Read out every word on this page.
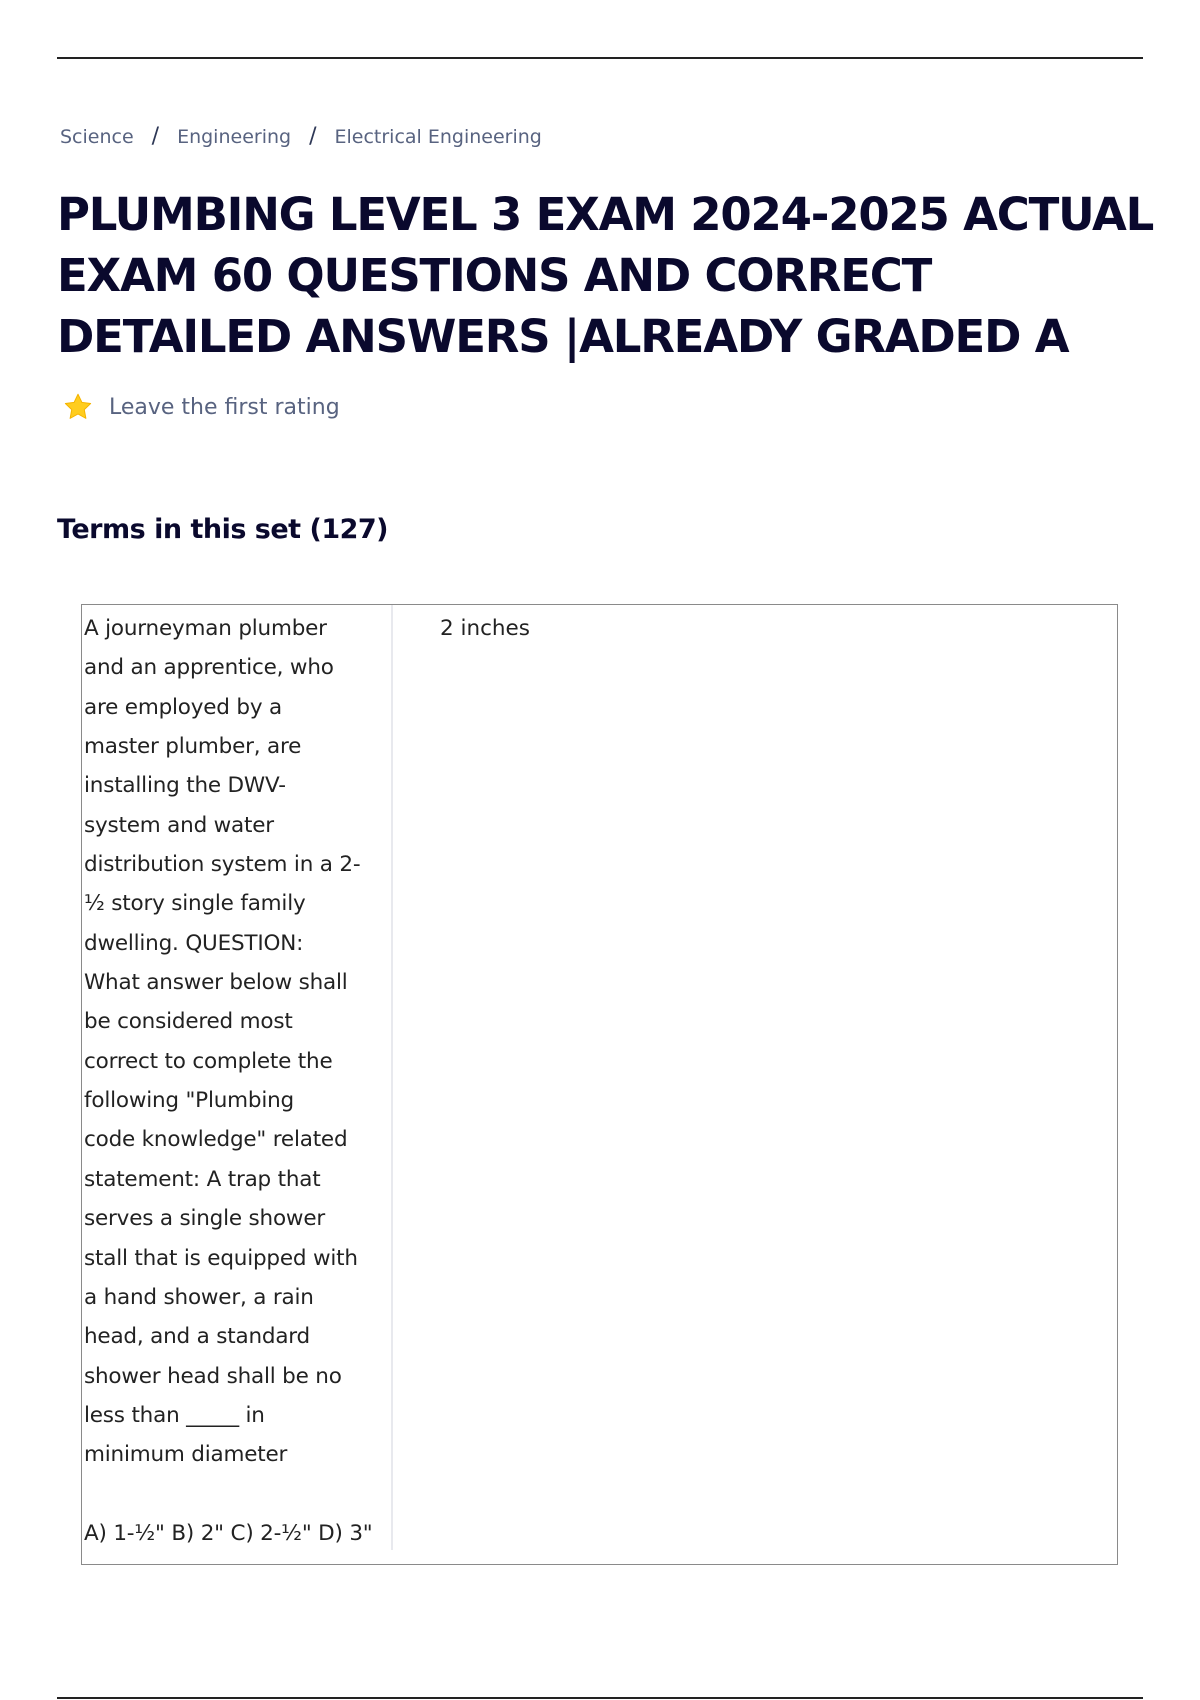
Science / Engineering / Electrical Engineering
PLUMBING LEVEL 3 EXAM 2024-2025 ACTUAL EXAM 60 QUESTIONS AND CORRECT DETAILED ANSWERS |ALREADY GRADED A
Leave the first rating
Terms in this set (127)
A journeyman plumber
and an apprentice, who
are employed by a
master plumber, are
installing the DWV-
system and water
distribution system in a 2-
½ story single family
dwelling. QUESTION:
What answer below shall
be considered most
correct to complete the
following "Plumbing
code knowledge" related
statement: A trap that
serves a single shower
stall that is equipped with
a hand shower, a rain
head, and a standard
shower head shall be no
less than _____ in
minimum diameter

A) 1-½" B) 2" C) 2-½" D) 3"
2 inches
